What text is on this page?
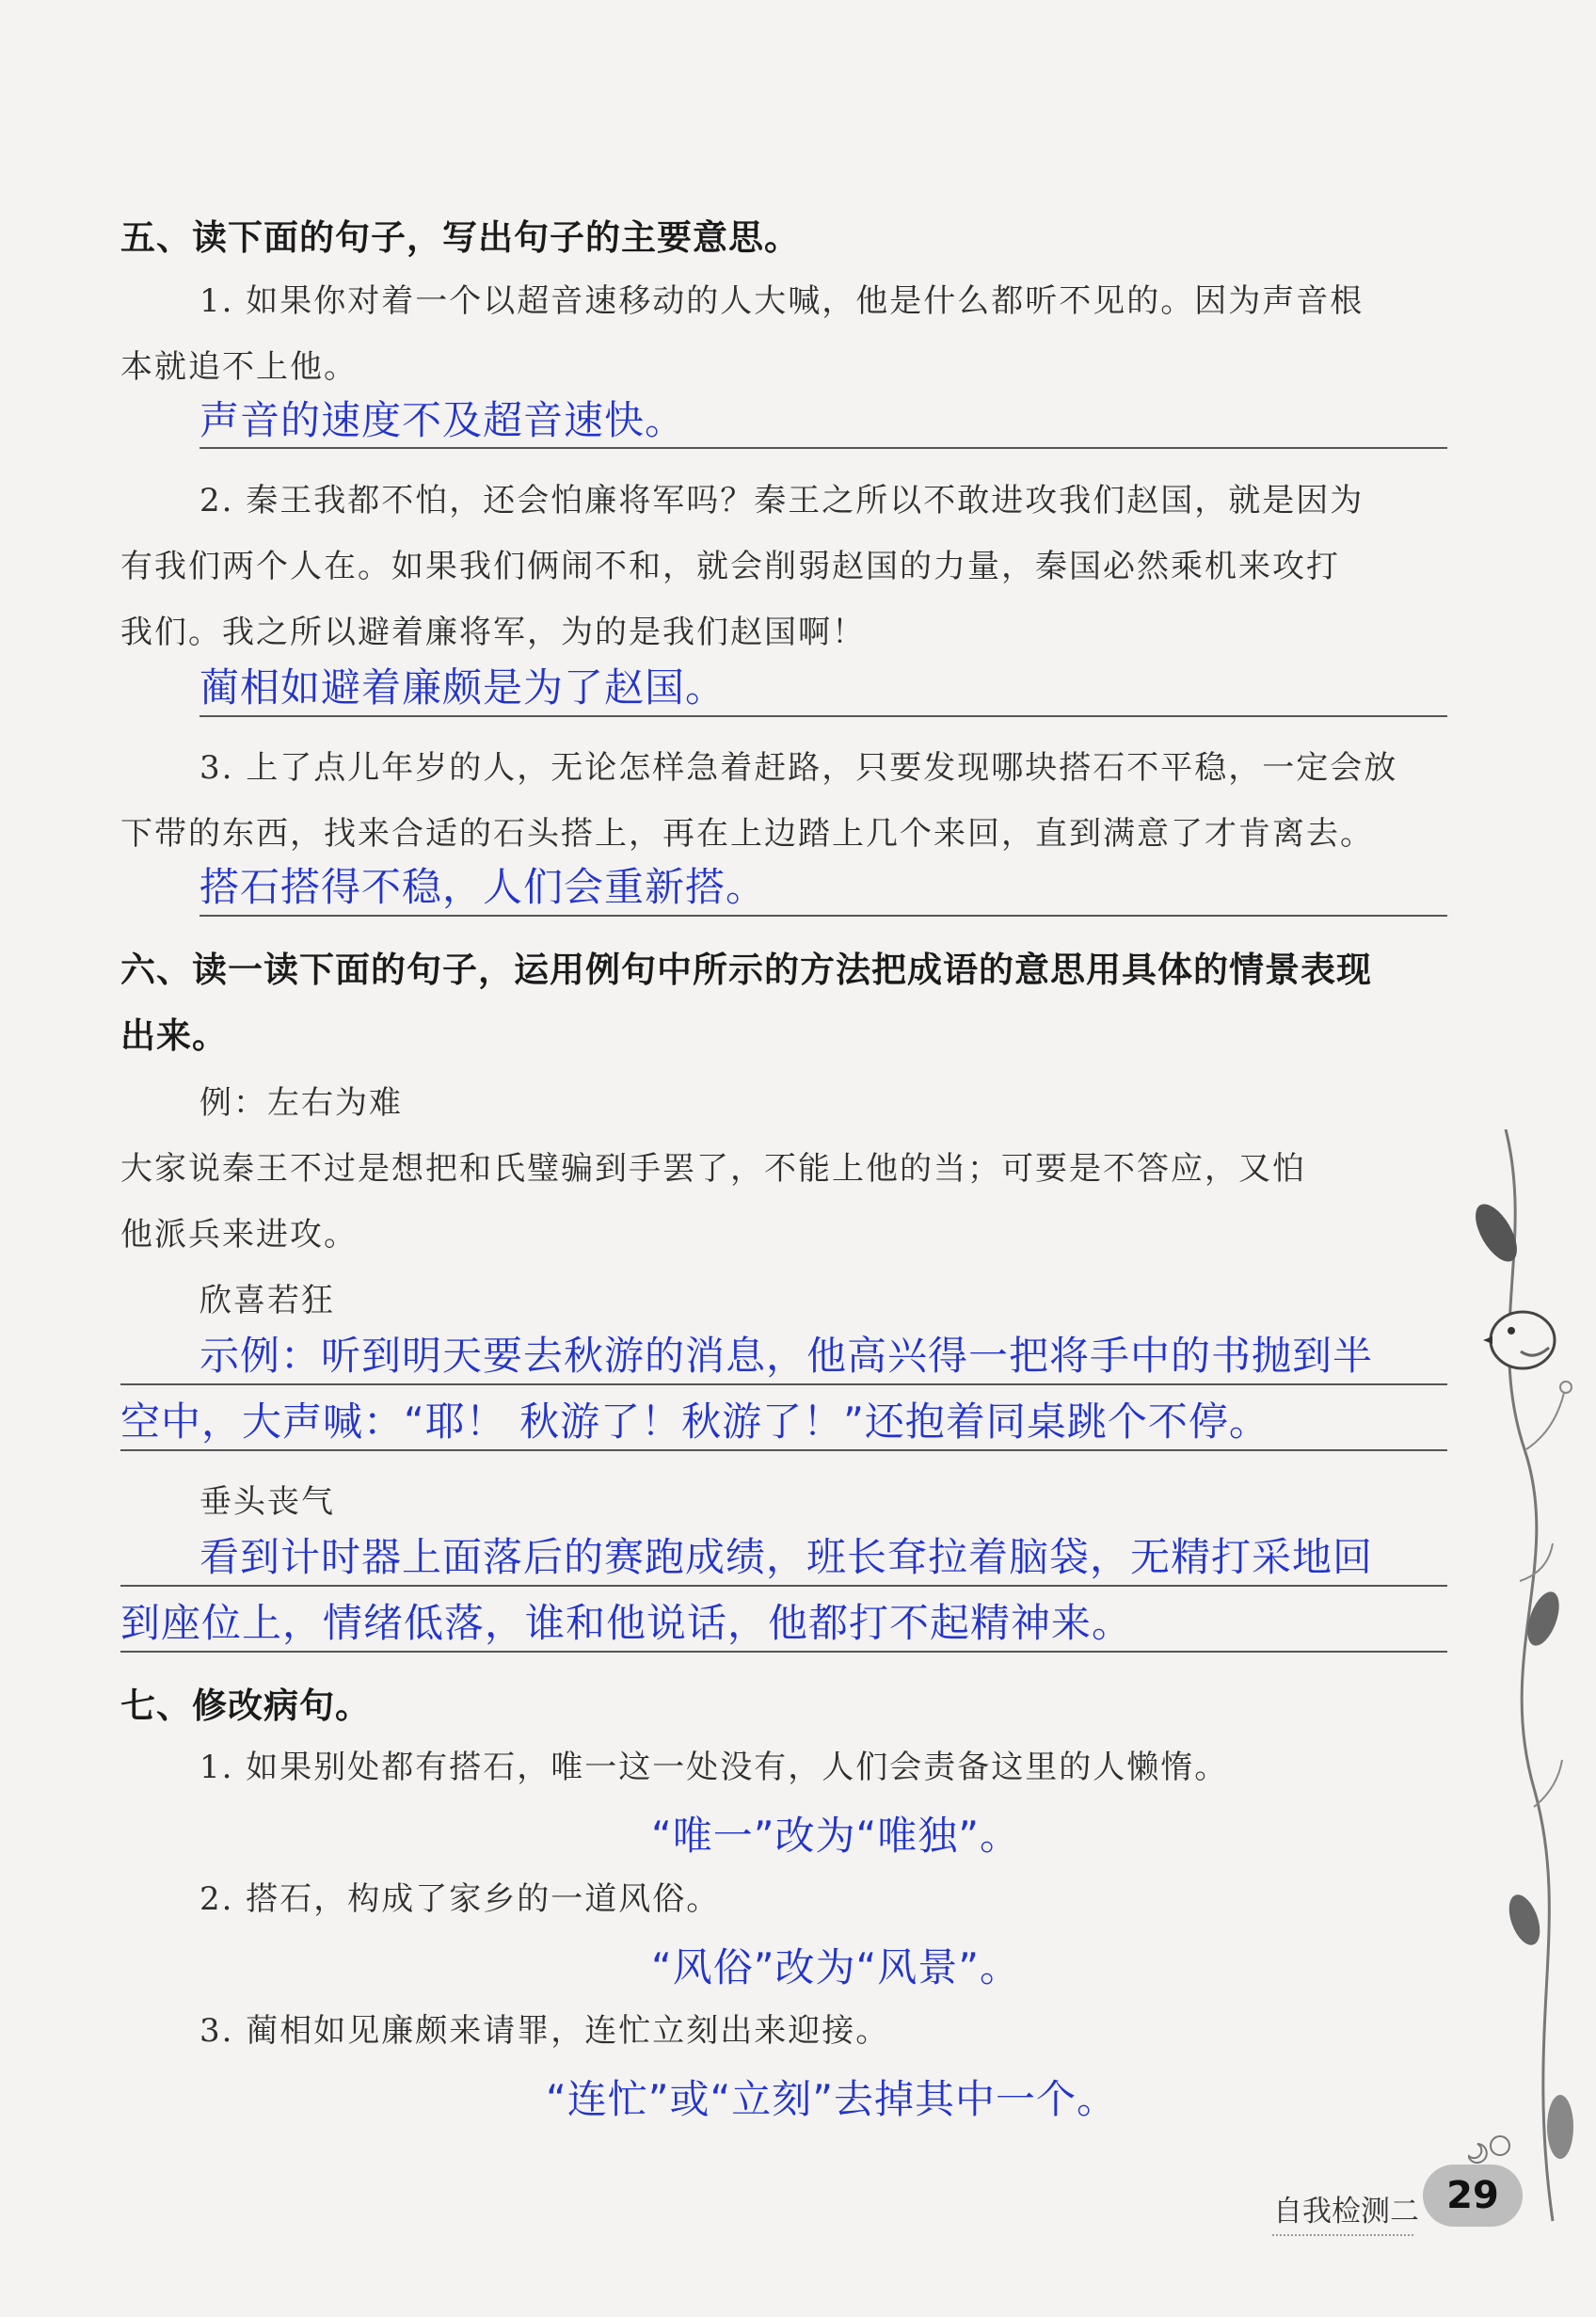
五、读下面的句子，写出句子的主要意思。
1. 如果你对着一个以超音速移动的人大喊，他是什么都听不见的。因为声音根
本就追不上他。
声音的速度不及超音速快。
2. 秦王我都不怕，还会怕廉将军吗？秦王之所以不敢进攻我们赵国，就是因为
有我们两个人在。如果我们俩闹不和，就会削弱赵国的力量，秦国必然乘机来攻打
我们。我之所以避着廉将军，为的是我们赵国啊！
蔺相如避着廉颇是为了赵国。
3. 上了点儿年岁的人，无论怎样急着赶路，只要发现哪块搭石不平稳，一定会放
下带的东西，找来合适的石头搭上，再在上边踏上几个来回，直到满意了才肯离去。
搭石搭得不稳，人们会重新搭。
六、读一读下面的句子，运用例句中所示的方法把成语的意思用具体的情景表现
出来。
例：左右为难
大家说秦王不过是想把和氏璧骗到手罢了，不能上他的当；可要是不答应，又怕
他派兵来进攻。
欣喜若狂
示例：听到明天要去秋游的消息，他高兴得一把将手中的书抛到半
空中，大声喊：“耶！ 秋游了！秋游了！”还抱着同桌跳个不停。
垂头丧气
看到计时器上面落后的赛跑成绩，班长耷拉着脑袋，无精打采地回
到座位上，情绪低落，谁和他说话，他都打不起精神来。
七、修改病句。
1. 如果别处都有搭石，唯一这一处没有，人们会责备这里的人懒惰。
“唯一”改为“唯独”。
2. 搭石，构成了家乡的一道风俗。
“风俗”改为“风景”。
3. 蔺相如见廉颇来请罪，连忙立刻出来迎接。
“连忙”或“立刻”去掉其中一个。
自我检测二 29
